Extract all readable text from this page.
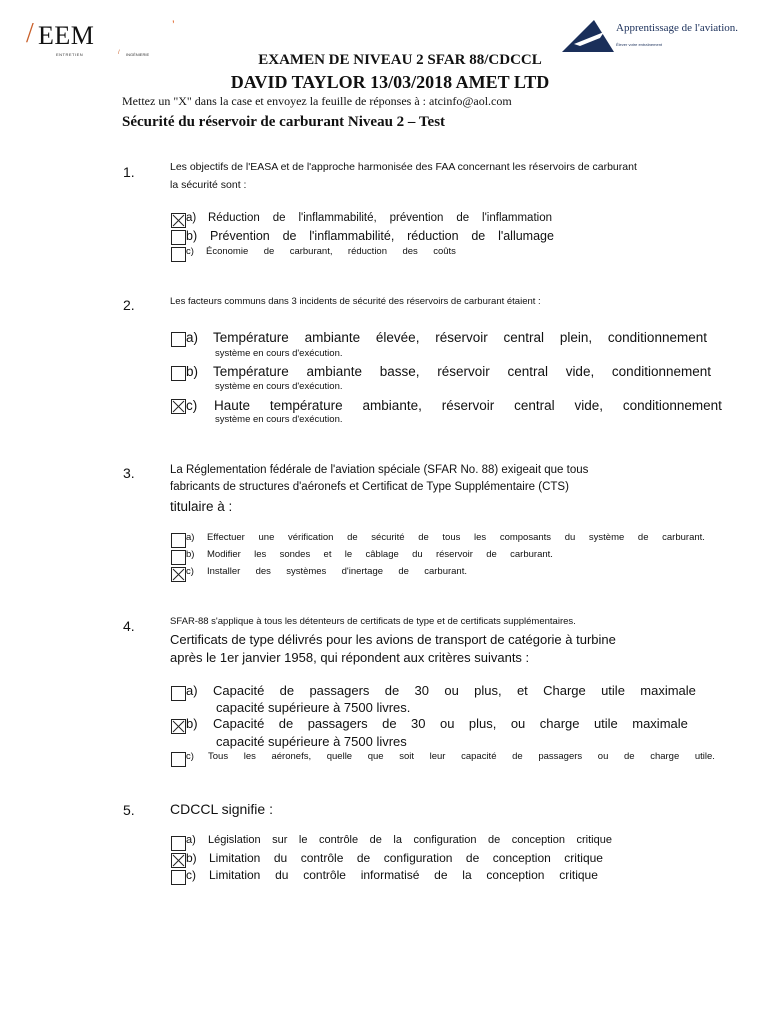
/ EEM	’
ENTRETIEN	/ INGÉNIERIE
Apprentissage de l'aviation.
Élever votre entraînement
EXAMEN DE NIVEAU 2 SFAR 88/CDCCL
DAVID TAYLOR 13/03/2018 AMET LTD
Mettez un "X" dans la case et envoyez la feuille de réponses à : atcinfo@aol.com
Sécurité du réservoir de carburant Niveau 2 – Test
1.	Les objectifs de l'EASA et de l'approche harmonisée des FAA concernant les réservoirs de carburant
la sécurité sont :
a) Réduction de l'inflammabilité, prévention de l'inflammation
b) Prévention de l'inflammabilité, réduction de l'allumage
c) Économie de carburant, réduction des coûts
2.	Les facteurs communs dans 3 incidents de sécurité des réservoirs de carburant étaient :
a) Température ambiante élevée, réservoir central plein, conditionnement
système en cours d'exécution.
b) Température ambiante basse, réservoir central vide, conditionnement
système en cours d'exécution.
c) Haute température ambiante, réservoir central vide, conditionnement
système en cours d'exécution.
3.	La Réglementation fédérale de l'aviation spéciale (SFAR No. 88) exigeait que tous
fabricants de structures d'aéronefs et Certificat de Type Supplémentaire (CTS)
titulaire à :
a) Effectuer une vérification de sécurité de tous les composants du système de carburant.
b) Modifier les sondes et le câblage du réservoir de carburant.
c) Installer des systèmes d'inertage de carburant.
4.	SFAR-88 s'applique à tous les détenteurs de certificats de type et de certificats supplémentaires.
Certificats de type délivrés pour les avions de transport de catégorie à turbine
après le 1er janvier 1958, qui répondent aux critères suivants :
a) Capacité de passagers de 30 ou plus, et Charge utile maximale
capacité supérieure à 7500 livres.
b) Capacité de passagers de 30 ou plus, ou charge utile maximale
capacité supérieure à 7500 livres
c) Tous les aéronefs, quelle que soit leur capacité de passagers ou de charge utile.
5.	CDCCL signifie :
a) Législation sur le contrôle de la configuration de conception critique
b) Limitation du contrôle de configuration de conception critique
c) Limitation du contrôle informatisé de la conception critique
